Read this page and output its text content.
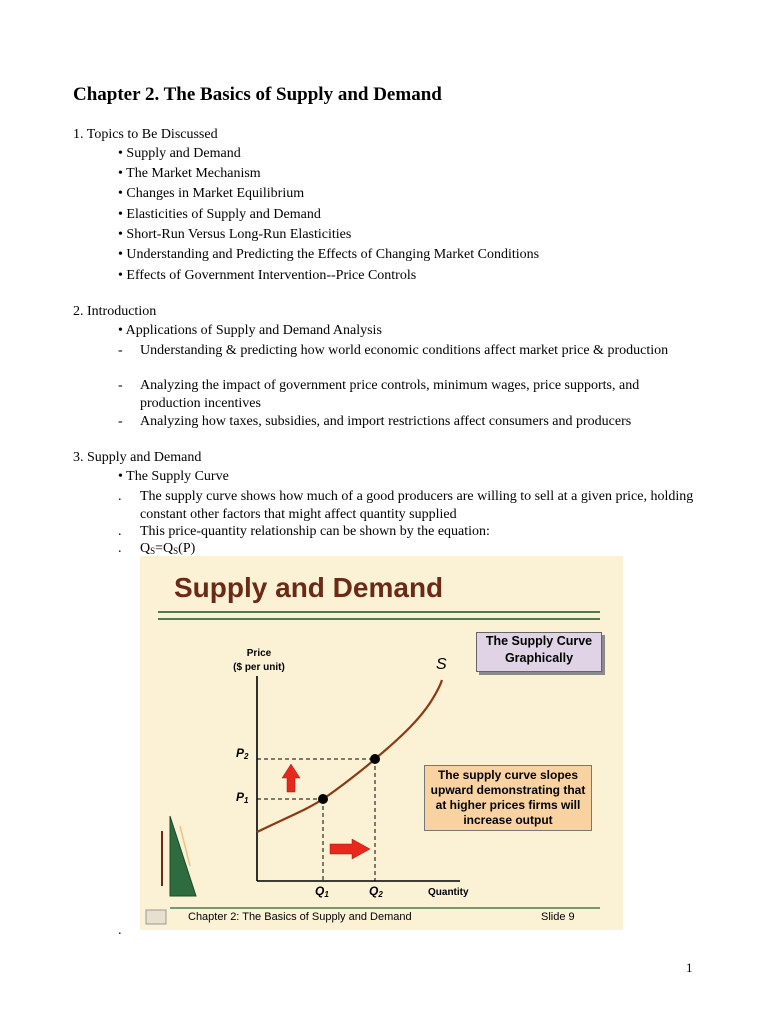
Chapter 2. The Basics of Supply and Demand

1. Topics to Be Discussed

• Supply and Demand

• The Market Mechanism

• Changes in Market Equilibrium

• Elasticities of Supply and Demand

• Short-Run Versus Long-Run Elasticities

• Understanding and Predicting the Effects of Changing Market Conditions

• Effects of Government Intervention--Price Controls

2. Introduction

• Applications of Supply and Demand Analysis

- Understanding & predicting how world economic conditions affect market price & production

- Analyzing the impact of government price controls, minimum wages, price supports, and production incentives

- Analyzing how taxes, subsidies, and import restrictions affect consumers and producers

3. Supply and Demand

• The Supply Curve

. The supply curve shows how much of a good producers are willing to sell at a given price, holding constant other factors that might affect quantity supplied

. This price-quantity relationship can be shown by the equation:

. $Q_S=Q_S(P)$

Supply and Demand
The Supply Curve Graphically
Price
($ per unit)
Quantity
S
$P_2$
$P_1$
$Q_1$	$Q_2$
The supply curve slopes upward demonstrating that at higher prices firms will increase output
Chapter 2: The Basics of Supply and Demand	Slide 9
.
1
